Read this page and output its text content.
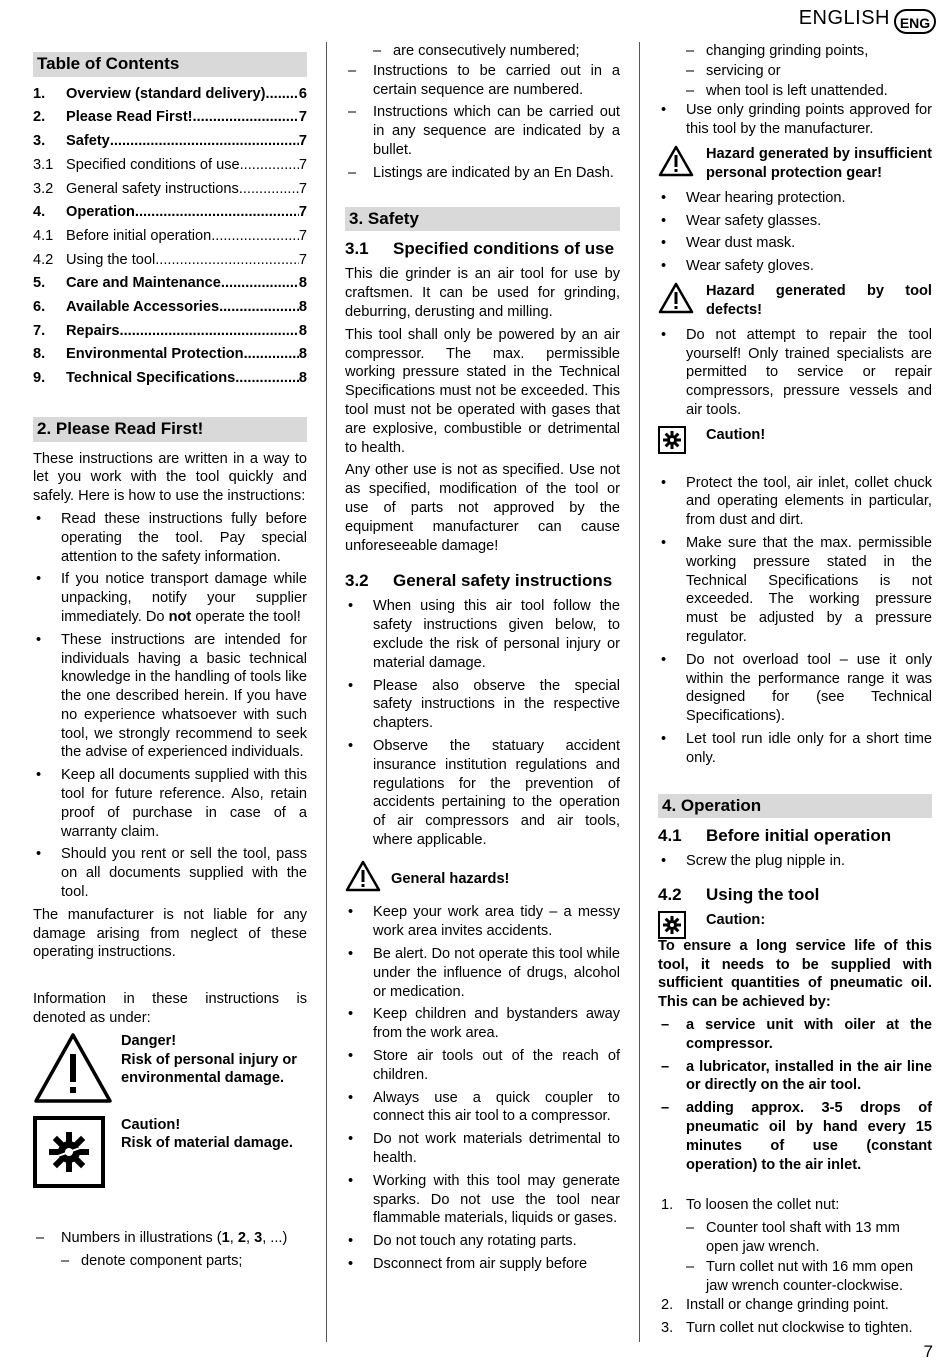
ENGLISH ENG
Table of Contents
1.	Overview (standard delivery) ..... 6
2.	Please Read First! .....	7
3.	Safety .....	7
3.1 Specified conditions of use .....	7
3.2 General safety instructions .....	7
4.	Operation .....	7
4.1 Before initial operation .....	7
4.2 Using the tool .....	7
5.	Care and Maintenance .....	8
6.	Available Accessories .....	8
7.	Repairs .....	8
8.	Environmental Protection .....	8
9.	Technical Specifications .....	8
2. Please Read First!

These instructions are written in a way to let you work with the tool quickly and safely. Here is how to use the instructions:

• Read these instructions fully before operating the tool. Pay special attention to the safety information.
• If you notice transport damage while unpacking, notify your supplier immediately. Do not operate the tool!
• These instructions are intended for individuals having a basic technical knowledge in the handling of tools like the one described herein. If you have no experience whatsoever with such tool, we strongly recommend to seek the advise of experienced individuals.
• Keep all documents supplied with this tool for future reference. Also, retain proof of purchase in case of a warranty claim.
• Should you rent or sell the tool, pass on all documents supplied with the tool.

The manufacturer is not liable for any damage arising from neglect of these operating instructions.

Information in these instructions is denoted as under:

Danger!
Risk of personal injury or environmental damage.
Caution!
Risk of material damage.
– Numbers in illustrations (1, 2, 3, ...)
– denote component parts;
– are consecutively numbered;
– Instructions to be carried out in a certain sequence are numbered.
– Instructions which can be carried out in any sequence are indicated by a bullet.
– Listings are indicated by an En Dash.
3. Safety
3.1	Specified conditions of use

This die grinder is an air tool for use by craftsmen. It can be used for grinding, deburring, derusting and milling.

This tool shall only be powered by an air compressor. The max. permissible working pressure stated in the Technical Specifications must not be exceeded. This tool must not be operated with gases that are explosive, combustible or detrimental to health.

Any other use is not as specified. Use not as specified, modification of the tool or use of parts not approved by the equipment manufacturer can cause unforeseeable damage!

3.2	General safety instructions
• When using this air tool follow the safety instructions given below, to exclude the risk of personal injury or material damage.
• Please also observe the special safety instructions in the respective chapters.
• Observe the statuary accident insurance institution regulations and regulations for the prevention of accidents pertaining to the operation of air compressors and air tools, where applicable.
General hazards!
• Keep your work area tidy – a messy work area invites accidents.
• Be alert. Do not operate this tool while under the influence of drugs, alcohol or medication.
• Keep children and bystanders away from the work area.
• Store air tools out of the reach of children.
• Always use a quick coupler to connect this air tool to a compressor.
• Do not work materials detrimental to health.
• Working with this tool may generate sparks. Do not use the tool near flammable materials, liquids or gases.
• Do not touch any rotating parts.
• Dsconnect from air supply before
– changing grinding points,
– servicing or
– when tool is left unattended.
• Use only grinding points approved for this tool by the manufacturer.
Hazard generated by insufficient personal protection gear!
• Wear hearing protection.
• Wear safety glasses.
• Wear dust mask.
• Wear safety gloves.
Hazard generated by tool defects!
• Do not attempt to repair the tool yourself! Only trained specialists are permitted to service or repair compressors, pressure vessels and air tools.
Caution!
• Protect the tool, air inlet, collet chuck and operating elements in particular, from dust and dirt.
• Make sure that the max. permissible working pressure stated in the Technical Specifications is not exceeded. The working pressure must be adjusted by a pressure regulator.
• Do not overload tool – use it only within the performance range it was designed for (see Technical Specifications).
• Let tool run idle only for a short time only.
4. Operation
4.1	Before initial operation
• Screw the plug nipple in.
4.2	Using the tool
Caution:

To ensure a long service life of this tool, it needs to be supplied with sufficient quantities of pneumatic oil. This can be achieved by:

– a service unit with oiler at the compressor.
– a lubricator, installed in the air line or directly on the air tool.
– adding approx. 3-5 drops of pneumatic oil by hand every 15 minutes of use (constant operation) to the air inlet.
1. To loosen the collet nut:
– Counter tool shaft with 13 mm open jaw wrench.
– Turn collet nut with 16 mm open jaw wrench counter-clockwise.
2. Install or change grinding point.
3. Turn collet nut clockwise to tighten.
7
